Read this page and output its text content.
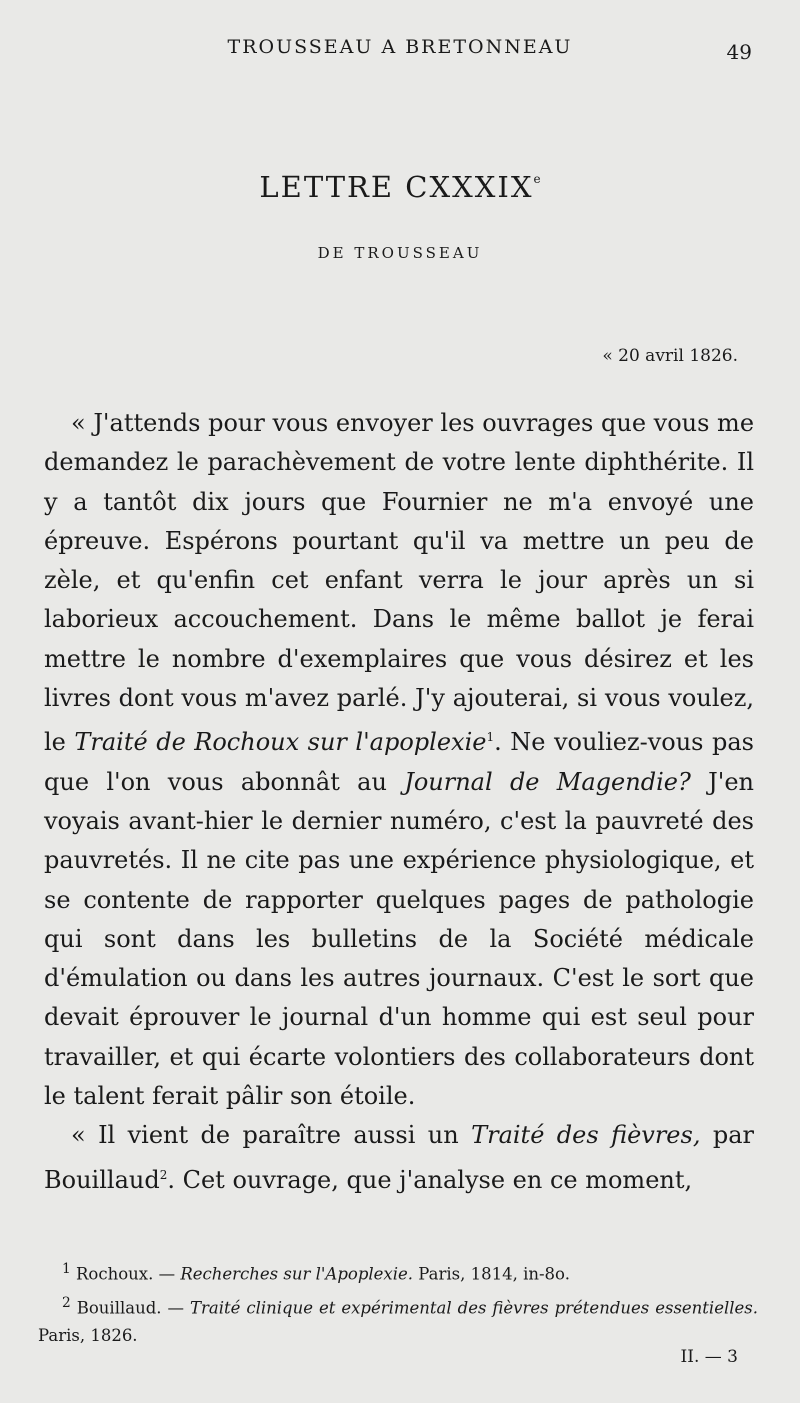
TROUSSEAU A BRETONNEAU	49
LETTRE CXXXIXe
DE TROUSSEAU
« 20 avril 1826.

« J'attends pour vous envoyer les ouvrages que vous me demandez le parachèvement de votre lente diphthérite. Il y a tantôt dix jours que Fournier ne m'a envoyé une épreuve. Espérons pourtant qu'il va mettre un peu de zèle, et qu'enfin cet enfant verra le jour après un si laborieux accouchement. Dans le même ballot je ferai mettre le nombre d'exemplaires que vous désirez et les livres dont vous m'avez parlé. J'y ajouterai, si vous voulez, le Traité de Rochoux sur l'apoplexie$^1$. Ne vouliez-vous pas que l'on vous abonnât au Journal de Magendie? J'en voyais avant-hier le dernier numéro, c'est la pauvreté des pauvretés. Il ne cite pas une expérience physiologique, et se contente de rapporter quelques pages de pathologie qui sont dans les bulletins de la Société médicale d'émulation ou dans les autres journaux. C'est le sort que devait éprouver le journal d'un homme qui est seul pour travailler, et qui écarte volontiers des collaborateurs dont le talent ferait pâlir son étoile.

« Il vient de paraître aussi un Traité des fièvres, par Bouillaud$^2$. Cet ouvrage, que j'analyse en ce moment,

$^1$ Rochoux. — Recherches sur l'Apoplexie. Paris, 1814, in-8o.

$^2$ Bouillaud. — Traité clinique et expérimental des fièvres prétendues essentielles. Paris, 1826.

II. — 3
